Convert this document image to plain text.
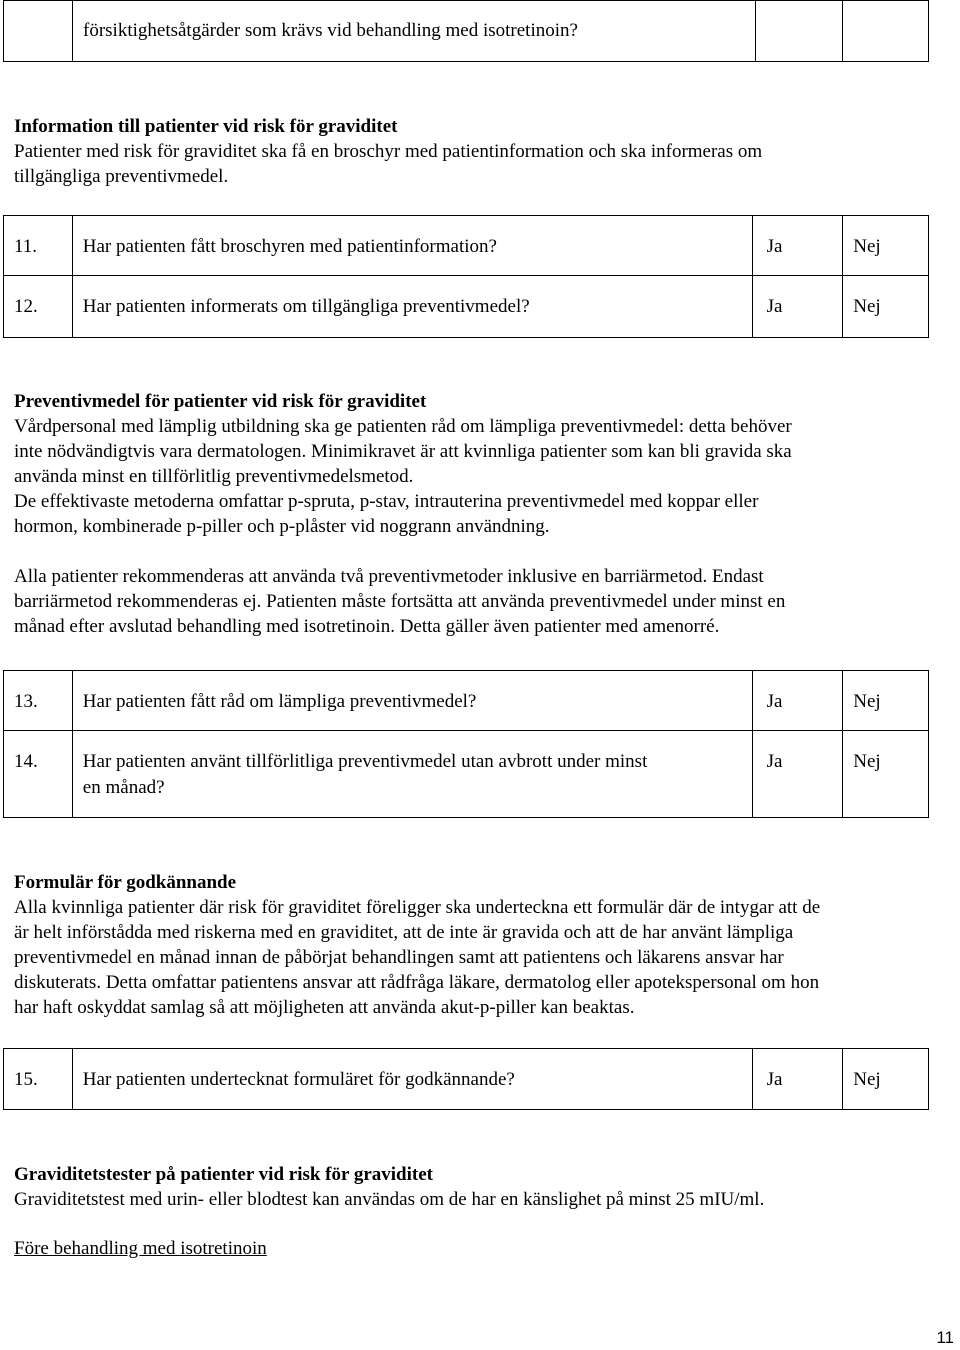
	försiktighetsåtgärder som krävs vid behandling med isotretinoin?		

Information till patienter vid risk för graviditet

Patienter med risk för graviditet ska få en broschyr med patientinformation och ska informeras om

tillgängliga preventivmedel.

11.	Har patienten fått broschyren med patientinformation?	Ja	Nej
12.	Har patienten informerats om tillgängliga preventivmedel?	Ja	Nej

Preventivmedel för patienter vid risk för graviditet

Vårdpersonal med lämplig utbildning ska ge patienten råd om lämpliga preventivmedel: detta behöver

inte nödvändigtvis vara dermatologen. Minimikravet är att kvinnliga patienter som kan bli gravida ska

använda minst en tillförlitlig preventivmedelsmetod.

De effektivaste metoderna omfattar p-spruta, p-stav, intrauterina preventivmedel med koppar eller

hormon, kombinerade p-piller och p-plåster vid noggrann användning.

Alla patienter rekommenderas att använda två preventivmetoder inklusive en barriärmetod. Endast

barriärmetod rekommenderas ej. Patienten måste fortsätta att använda preventivmedel under minst en

månad efter avslutad behandling med isotretinoin. Detta gäller även patienter med amenorré.

13.	Har patienten fått råd om lämpliga preventivmedel?	Ja	Nej
14.	Har patienten använt tillförlitliga preventivmedel utan avbrott under minst
en månad?	Ja	Nej

Formulär för godkännande

Alla kvinnliga patienter där risk för graviditet föreligger ska underteckna ett formulär där de intygar att de

är helt införstådda med riskerna med en graviditet, att de inte är gravida och att de har använt lämpliga

preventivmedel en månad innan de påbörjat behandlingen samt att patientens och läkarens ansvar har

diskuterats. Detta omfattar patientens ansvar att rådfråga läkare, dermatolog eller apotekspersonal om hon

har haft oskyddat samlag så att möjligheten att använda akut-p-piller kan beaktas.

15.	Har patienten undertecknat formuläret för godkännande?	Ja	Nej

Graviditetstester på patienter vid risk för graviditet

Graviditetstest med urin- eller blodtest kan användas om de har en känslighet på minst 25 mIU/ml.

Före behandling med isotretinoin

11
